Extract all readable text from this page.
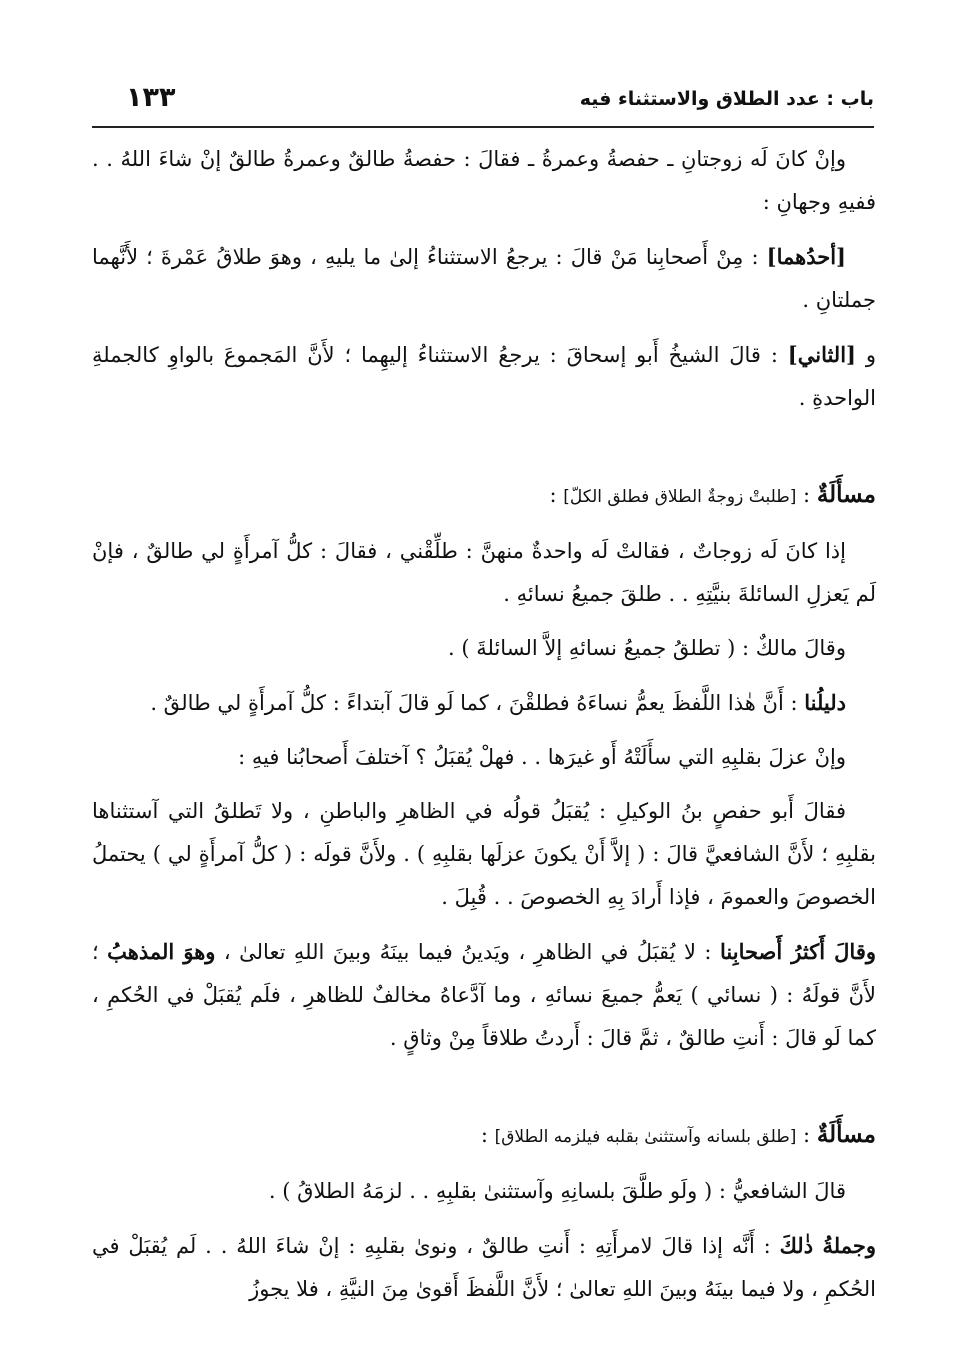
باب : عدد الطلاق والاستثناء فيه
١٣٣

وإنْ كانَ لَه زوجتانِ ـ حفصةُ وعمرةُ ـ فقالَ : حفصةُ طالقٌ وعمرةُ طالقٌ إنْ شاءَ اللهُ . . ففيهِ وجهانِ :

[أحدُهما] : مِنْ أَصحابِنا مَنْ قالَ : يرجعُ الاستثناءُ إلىٰ ما يليهِ ، وهوَ طلاقُ عَمْرةَ ؛ لأَنَّهما جملتانِ .

و [الثاني] : قالَ الشيخُ أَبو إسحاقَ : يرجعُ الاستثناءُ إليهِما ؛ لأَنَّ المَجموعَ بالواوِ كالجملةِ الواحدةِ .

مسأَلَةٌ : [طلبتْ زوجةٌ الطلاق فطلق الكلّ] :

إذا كانَ لَه زوجاتٌ ، فقالتْ لَه واحدةٌ منهنَّ : طلِّقْني ، فقالَ : كلُّ آمرأَةٍ لي طالقٌ ، فإنْ لَم يَعزلِ السائلةَ بنيَّتِهِ . . طلقَ جميعُ نسائهِ .

وقالَ مالكٌ : ( تطلقُ جميعُ نسائهِ إلاَّ السائلةَ ) .

دليلُنا : أَنَّ هٰذا اللَّفظَ يعمُّ نساءَهُ فطلقْنَ ، كما لَو قالَ آبتداءً : كلُّ آمرأَةٍ لي طالقٌ .

وإنْ عزلَ بقلبِهِ التي سأَلَتْهُ أَو غيرَها . . فهلْ يُقبَلُ ؟ آختلفَ أَصحابُنا فيهِ :

فقالَ أَبو حفصٍ بنُ الوكيلِ : يُقبَلُ قولُه في الظاهرِ والباطنِ ، ولا تَطلقُ التي آستثناها بقلبِهِ ؛ لأَنَّ الشافعيَّ قالَ : ( إلاَّ أَنْ يكونَ عزلَها بقلبِهِ ) . ولأَنَّ قولَه : ( كلُّ آمرأَةٍ لي ) يحتملُ الخصوصَ والعمومَ ، فإذا أَرادَ بِهِ الخصوصَ . . قُبِلَ .

وقالَ أَكثرُ أَصحابِنا : لا يُقبَلُ في الظاهرِ ، ويَدينُ فيما بينَهُ وبينَ اللهِ تعالىٰ ، وهوَ المذهبُ ؛ لأَنَّ قولَهُ : ( نسائي ) يَعمُّ جميعَ نسائهِ ، وما آدَّعاهُ مخالفٌ للظاهرِ ، فلَم يُقبَلْ في الحُكمِ ، كما لَو قالَ : أَنتِ طالقٌ ، ثمَّ قالَ : أَردتُ طلاقاً مِنْ وثاقٍ .

مسأَلَةٌ : [طلق بلسانه وآستثنىٰ بقلبه فيلزمه الطلاق] :

قالَ الشافعيُّ : ( ولَو طلَّقَ بلسانِهِ وآستثنىٰ بقلبِهِ . . لزمَهُ الطلاقُ ) .

وجملةُ ذٰلكَ : أَنَّه إذا قالَ لامرأَتِهِ : أَنتِ طالقٌ ، ونوىٰ بقلبِهِ : إنْ شاءَ اللهُ . . لَم يُقبَلْ في الحُكمِ ، ولا فيما بينَهُ وبينَ اللهِ تعالىٰ ؛ لأَنَّ اللَّفظَ أَقوىٰ مِنَ النيَّةِ ، فلا يجوزُ
